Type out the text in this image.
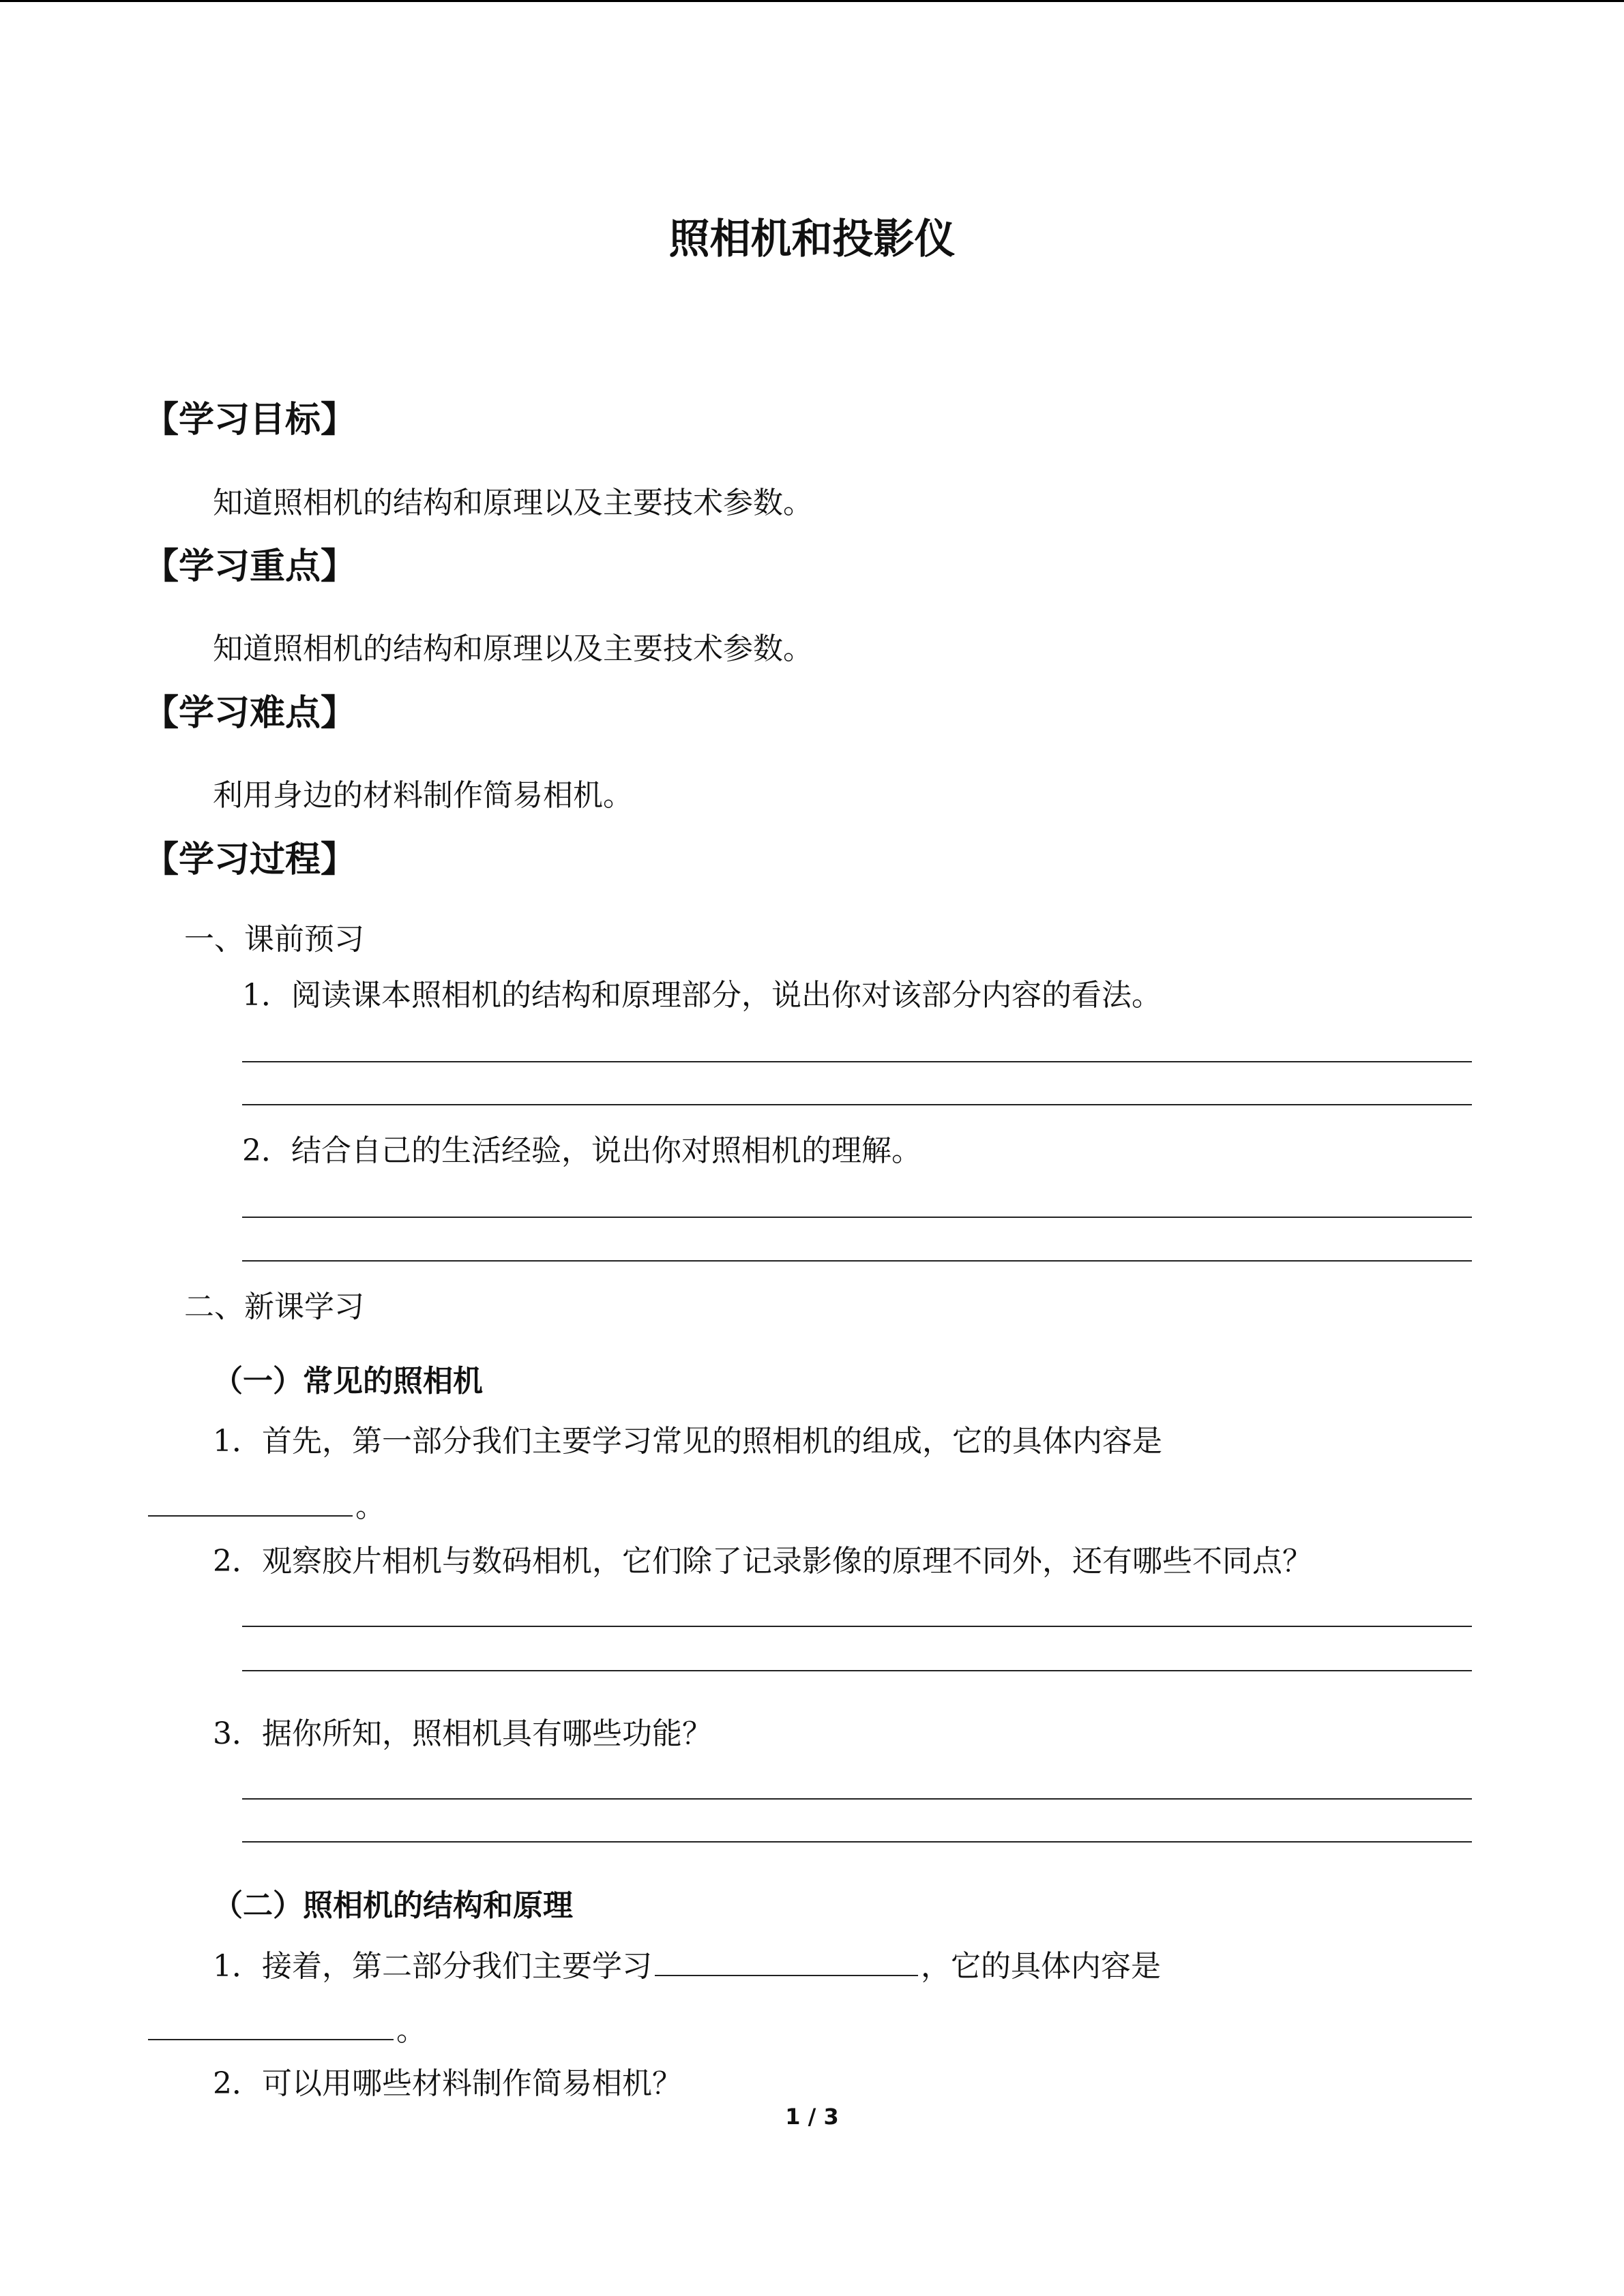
照相机和投影仪
【学习目标】
知道照相机的结构和原理以及主要技术参数。
【学习重点】
知道照相机的结构和原理以及主要技术参数。
【学习难点】
利用身边的材料制作简易相机。
【学习过程】
一、课前预习
1．阅读课本照相机的结构和原理部分，说出你对该部分内容的看法。
2．结合自己的生活经验，说出你对照相机的理解。
二、新课学习
（一）常见的照相机
1．首先，第一部分我们主要学习常见的照相机的组成，它的具体内容是
。
2．观察胶片相机与数码相机，它们除了记录影像的原理不同外，还有哪些不同点？
3．据你所知，照相机具有哪些功能？
（二）照相机的结构和原理
1．接着，第二部分我们主要学习	，它的具体内容是
。
2．可以用哪些材料制作简易相机？
1 / 3
